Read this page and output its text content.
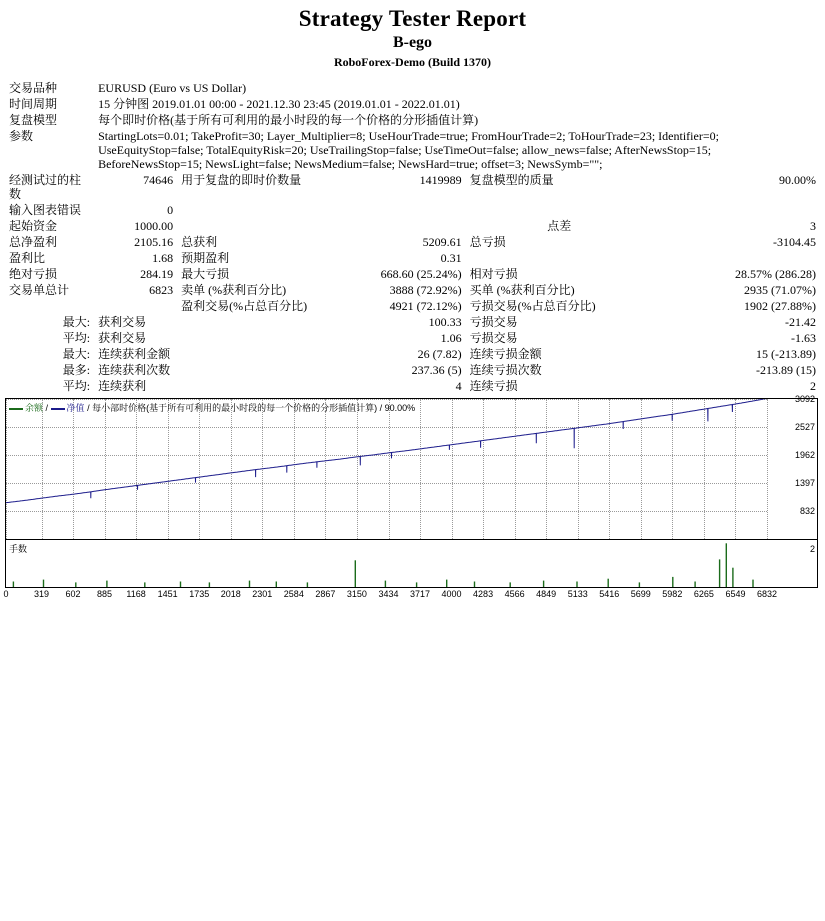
Strategy Tester Report
B-ego
RoboForex-Demo (Build 1370)
交易品种	EURUSD (Euro vs US Dollar)				
时间周期	15 分钟图 2019.01.01 00:00 - 2021.12.30 23:45 (2019.01.01 - 2022.01.01)				
复盘模型	每个即时价格(基于所有可利用的最小时段的每一个价格的分形插值计算)				
参数	StartingLots=0.01; TakeProfit=30; Layer_Multiplier=8; UseHourTrade=true; FromHourTrade=2; ToHourTrade=23; Identifier=0; UseEquityStop=false; TotalEquityRisk=20; UseTrailingStop=false; UseTimeOut=false; allow_news=false; AfterNewsStop=15; BeforeNewsStop=15; NewsLight=false; NewsMedium=false; NewsHard=true; offset=3; NewsSymb="";				
经测试过的柱数	74646	用于复盘的即时价数量	1419989	复盘模型的质量	90.00%
输入图表错误	0				
起始资金	1000.00			点差	3
总净盈利	2105.16	总获利	5209.61	总亏损	-3104.45
盈利比	1.68	预期盈利	0.31		
绝对亏损	284.19	最大亏损	668.60 (25.24%)	相对亏损	28.57% (286.28)
交易单总计	6823	卖单 (%获利百分比)	3888 (72.92%)	买单 (%获利百分比)	2935 (71.07%)
		盈利交易(%占总百分比)	4921 (72.12%)	亏损交易(%占总百分比)	1902 (27.88%)
最大:	获利交易		100.33	亏损交易	-21.42
平均:	获利交易		1.06	亏损交易	-1.63
最大:	连续获利金额		26 (7.82)	连续亏损金额	15 (-213.89)
最多:	连续获利次数		237.36 (5)	连续亏损次数	-213.89 (15)
平均:	连续获利		4	连续亏损	2
余额 / 净值 / 每小部时价格(基于所有可利用的最小时段的每一个价格的分形插值计算) / 90.00%
3092
2527
1962
1397
832
手数	2
0	319 602 885 1168 1451 1735 2018 2301 2584 2867 3150 3434 3717 4000 4283 4566 4849 5133 5416 5699 5982 6265 6549 6832
